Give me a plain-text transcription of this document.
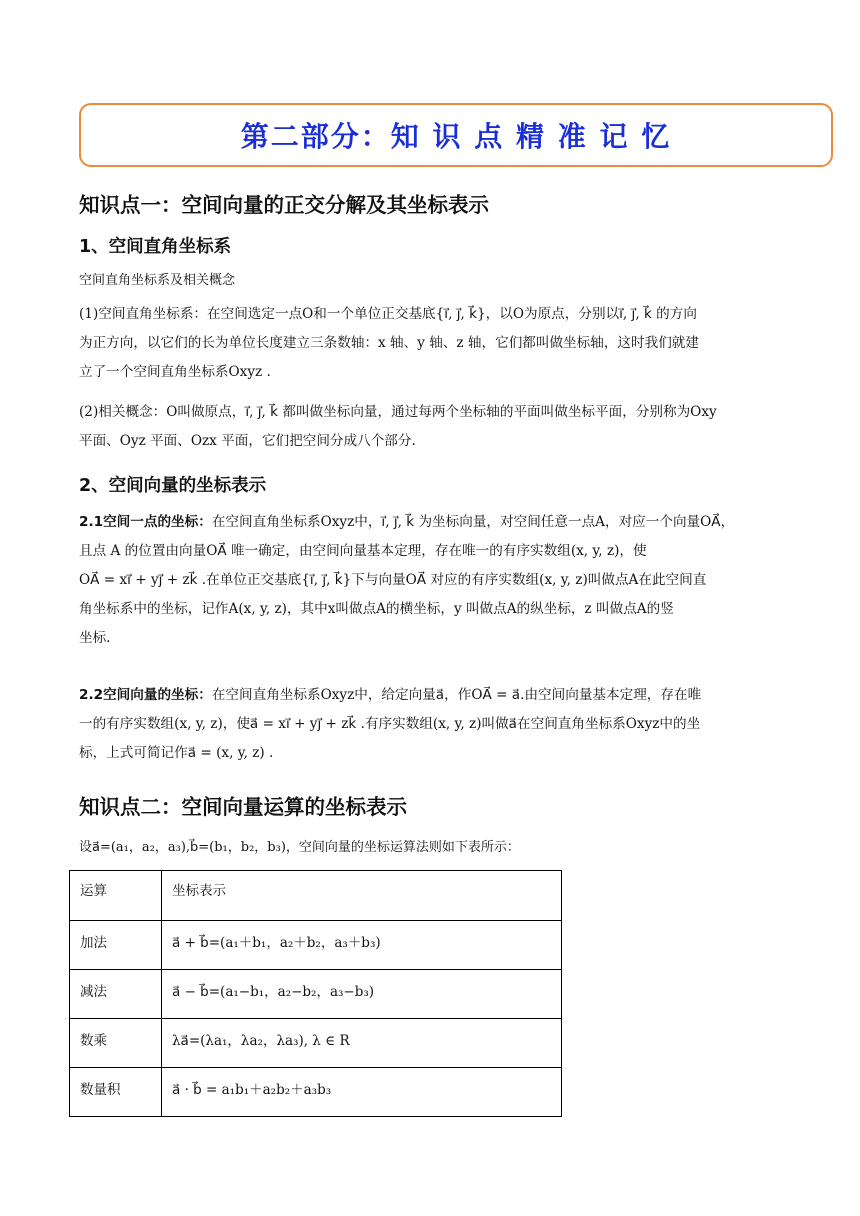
第二部分：知 识 点 精 准 记 忆
知识点一：空间向量的正交分解及其坐标表示
1、空间直角坐标系
空间直角坐标系及相关概念
(1)空间直角坐标系：在空间选定一点O和一个单位正交基底{i⃗, j⃗, k⃗}，以O为原点，分别以i⃗, j⃗, k⃗ 的方向
为正方向，以它们的长为单位长度建立三条数轴：x 轴、y 轴、z 轴，它们都叫做坐标轴，这时我们就建
立了一个空间直角坐标系Oxyz .
(2)相关概念：O叫做原点，i⃗, j⃗, k⃗ 都叫做坐标向量，通过每两个坐标轴的平面叫做坐标平面，分别称为Oxy
平面、Oyz 平面、Ozx 平面，它们把空间分成八个部分.
2、空间向量的坐标表示
2.1空间一点的坐标：在空间直角坐标系Oxyz中，i⃗, j⃗, k⃗ 为坐标向量，对空间任意一点A，对应一个向量OA⃗，
且点 A 的位置由向量OA⃗ 唯一确定，由空间向量基本定理，存在唯一的有序实数组(x, y, z)，使
OA⃗ = xi⃗ + yj⃗ + zk⃗ .在单位正交基底{i⃗, j⃗, k⃗}下与向量OA⃗ 对应的有序实数组(x, y, z)叫做点A在此空间直
角坐标系中的坐标，记作A(x, y, z)，其中x叫做点A的横坐标，y 叫做点A的纵坐标，z 叫做点A的竖
坐标.
2.2空间向量的坐标：在空间直角坐标系Oxyz中，给定向量a⃗，作OA⃗ = a⃗.由空间向量基本定理，存在唯
一的有序实数组(x, y, z)，使a⃗ = xi⃗ + yj⃗ + zk⃗ .有序实数组(x, y, z)叫做a⃗在空间直角坐标系Oxyz中的坐
标，上式可简记作a⃗ = (x, y, z) .
知识点二：空间向量运算的坐标表示
设a⃗=(a₁，a₂，a₃),b⃗=(b₁，b₂，b₃)，空间向量的坐标运算法则如下表所示：
运算	坐标表示
加法	a⃗ + b⃗=(a₁＋b₁，a₂＋b₂，a₃＋b₃)
减法	a⃗ − b⃗=(a₁−b₁，a₂−b₂，a₃−b₃)
数乘	λa⃗=(λa₁，λa₂，λa₃), λ ∈ R
数量积	a⃗ · b⃗ = a₁b₁＋a₂b₂＋a₃b₃
